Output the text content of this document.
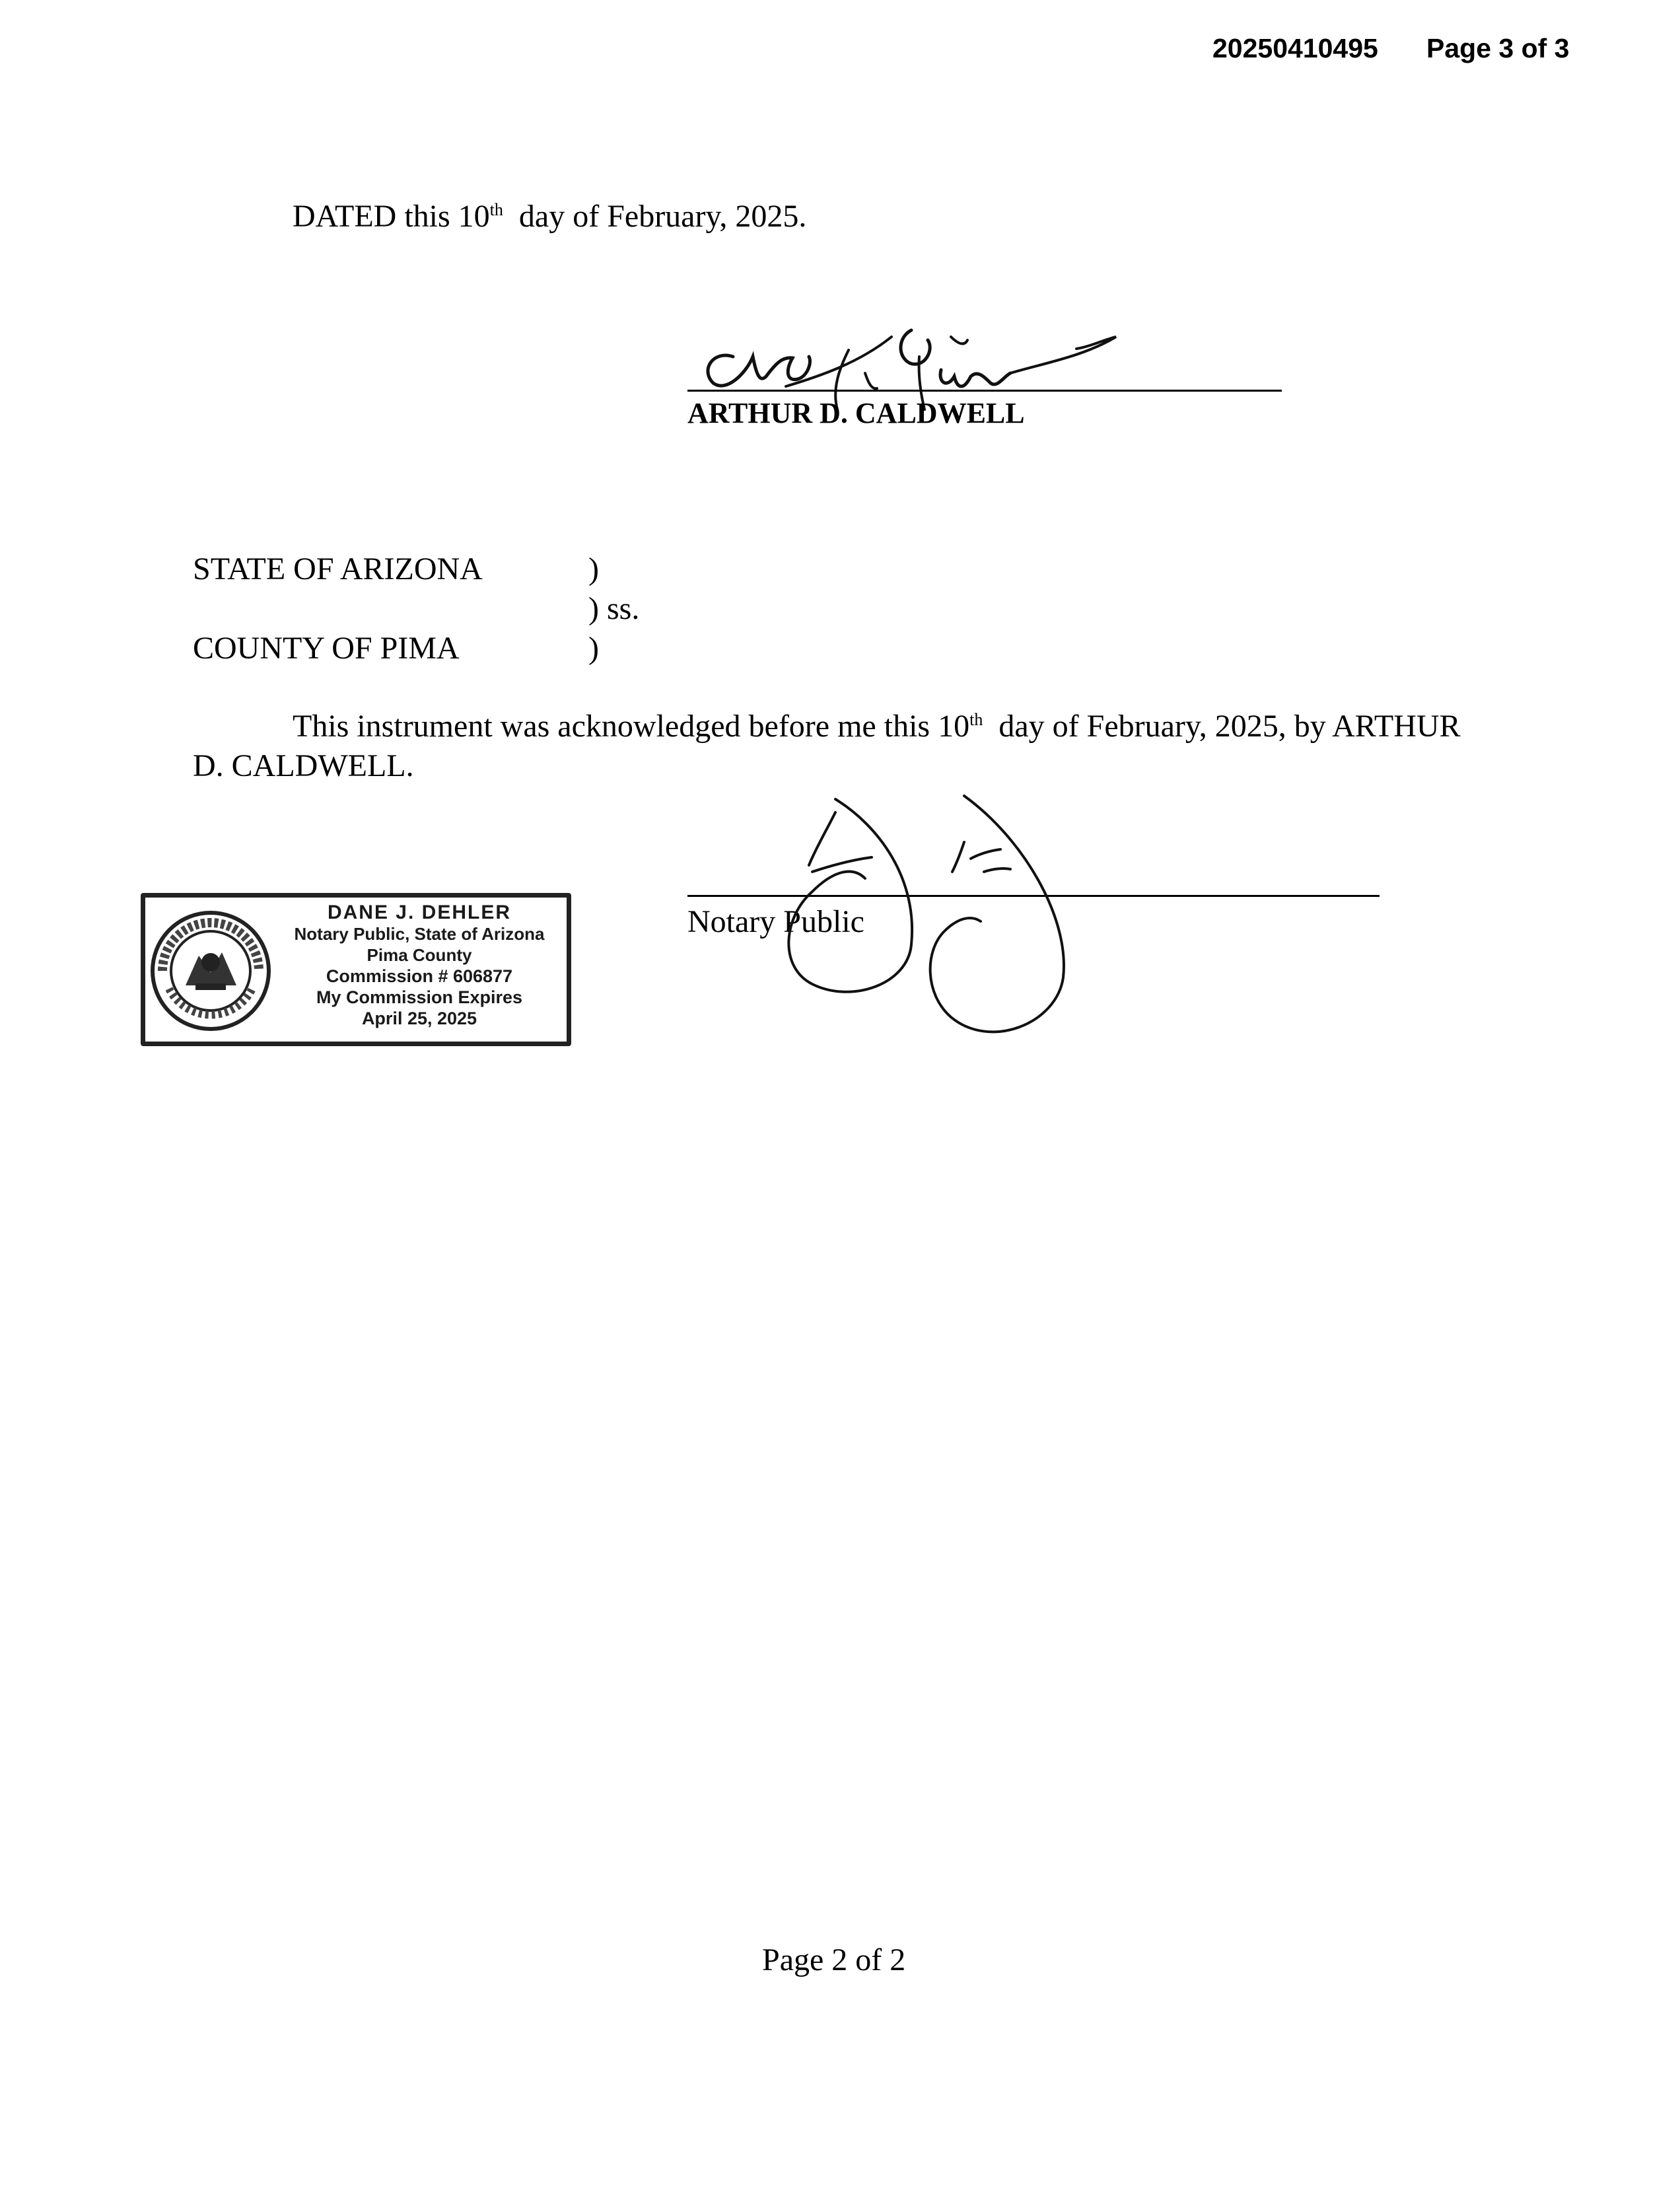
20250410495 Page 3 of 3
DATED this 10th day of February, 2025.
ARTHUR D. CALDWELL
STATE OF ARIZONA	)
) ss.
COUNTY OF PIMA	)
This instrument was acknowledged before me this 10th day of February, 2025, by ARTHUR
D. CALDWELL.
DANE J. DEHLER
Notary Public, State of Arizona
Pima County
Commission # 606877
My Commission Expires
April 25, 2025
Notary Public
Page 2 of 2
